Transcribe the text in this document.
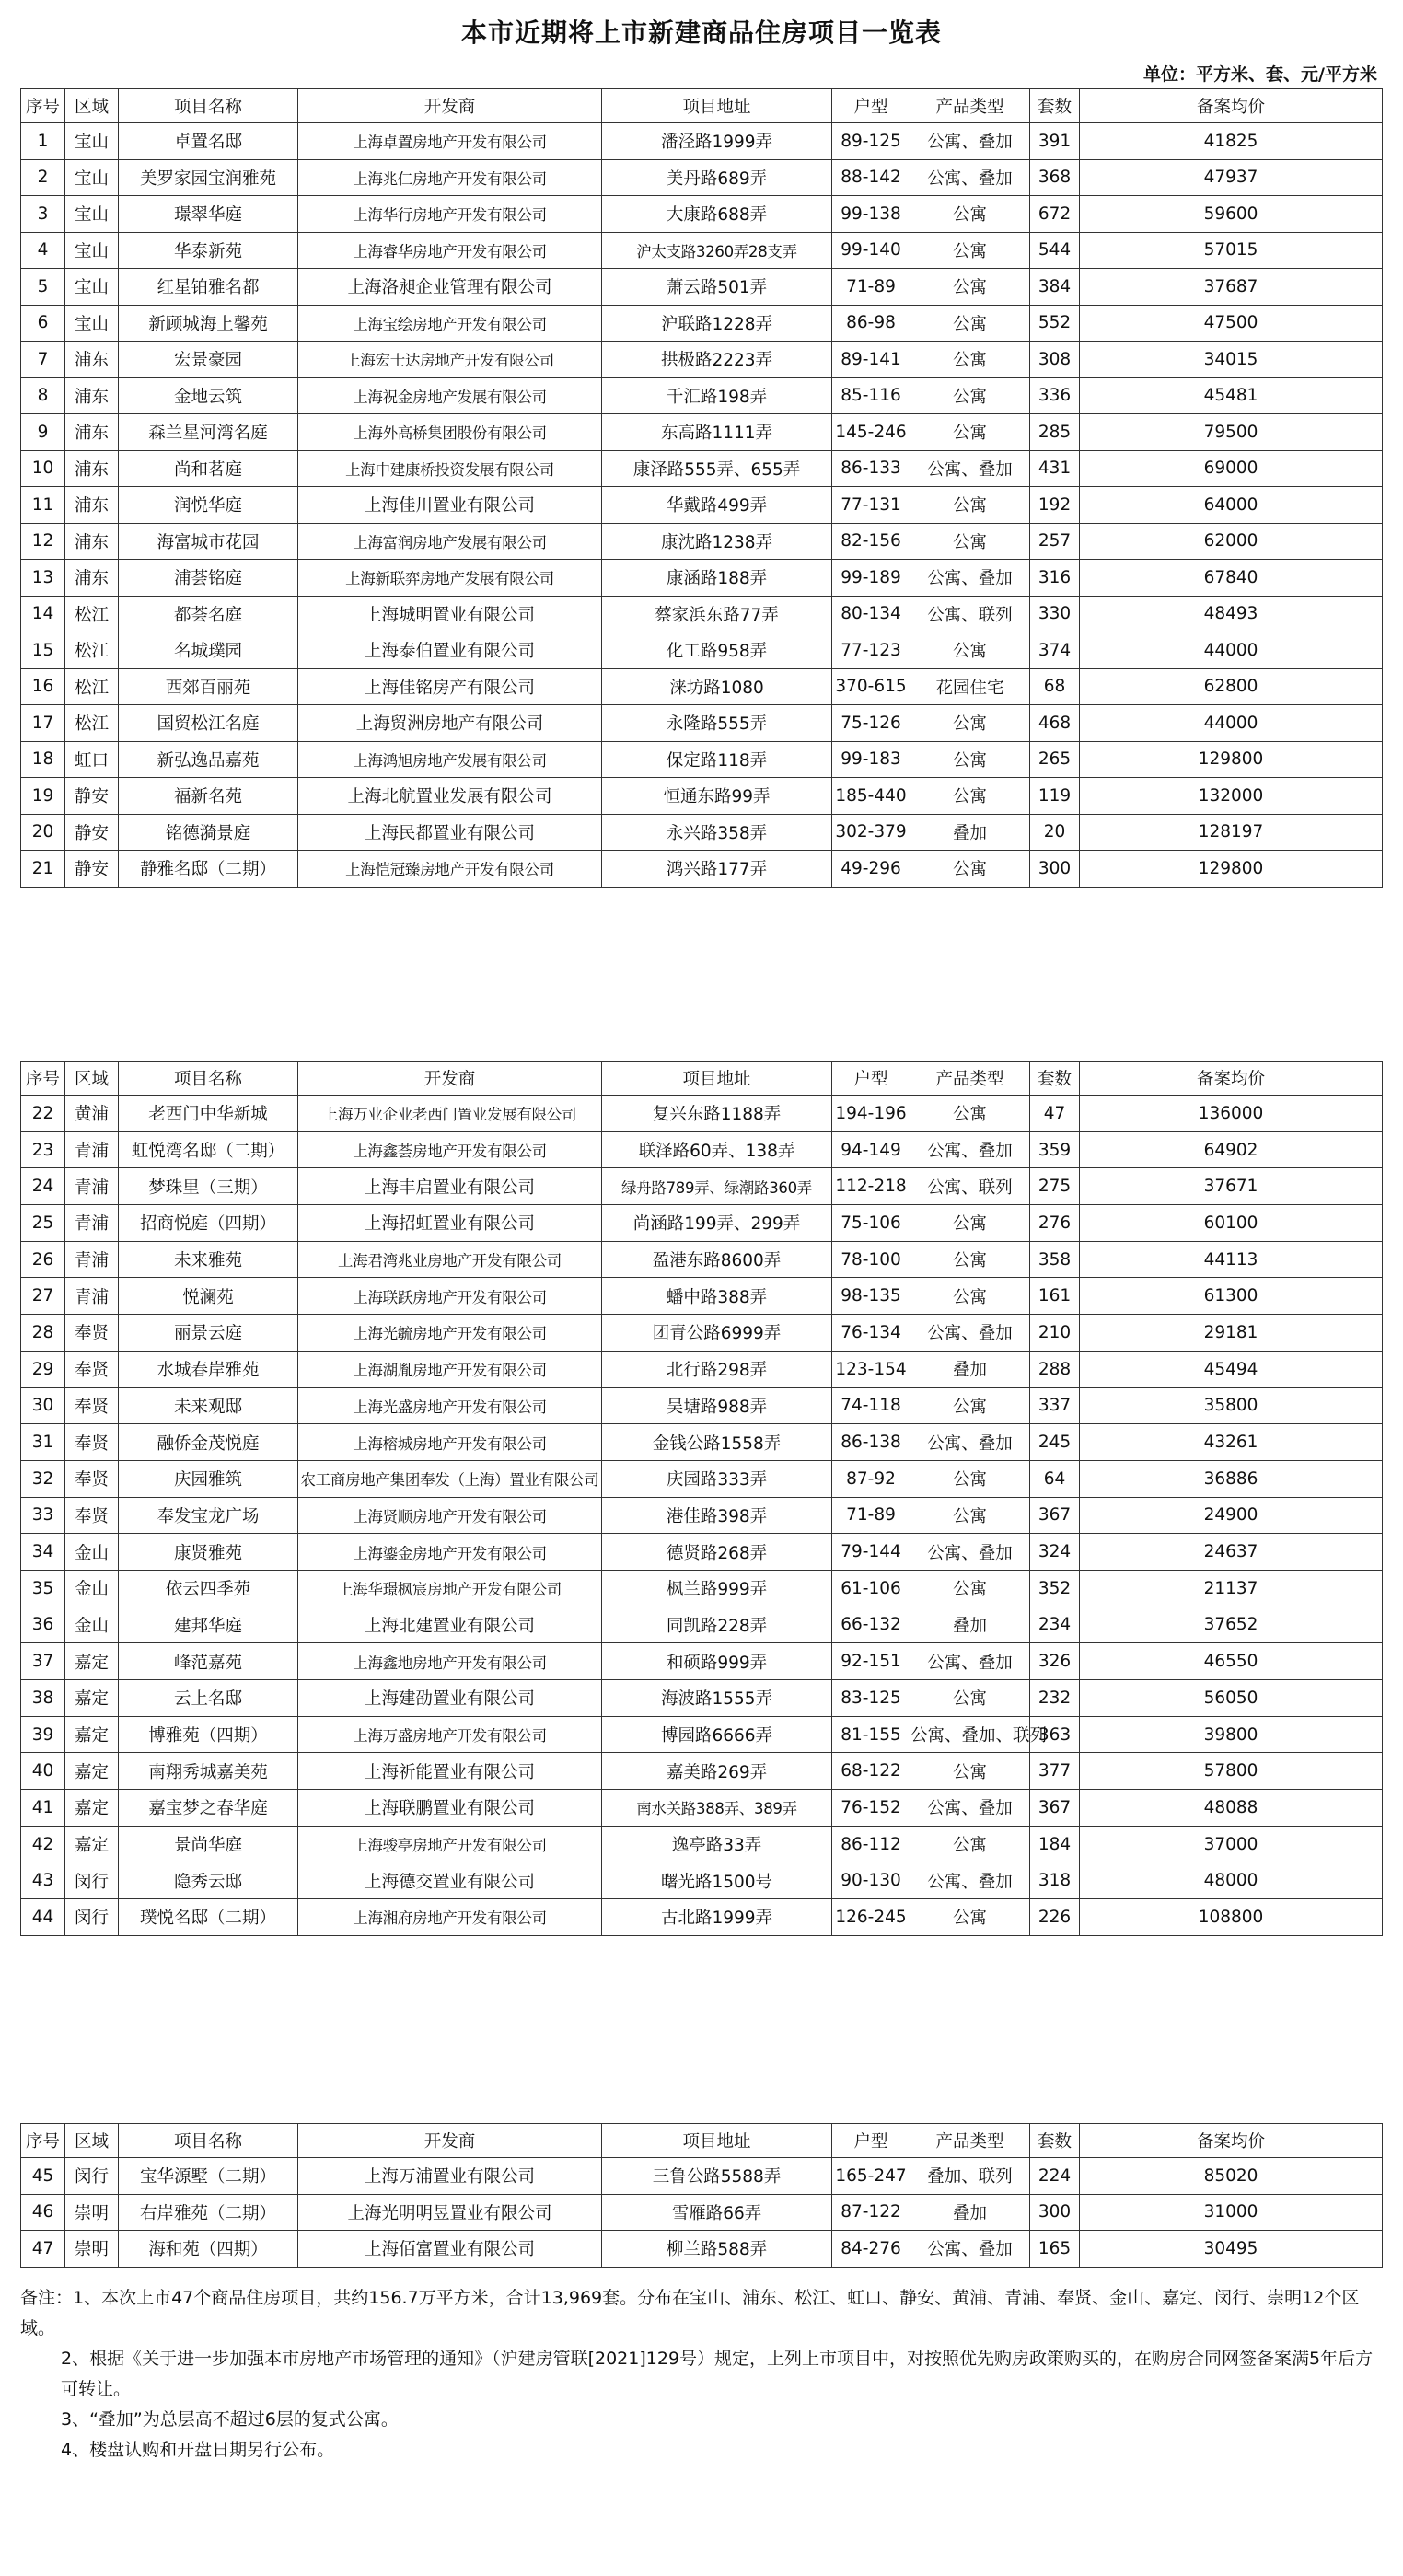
本市近期将上市新建商品住房项目一览表
单位：平方米、套、元/平方米
序号	区域	项目名称	开发商	项目地址	户型	产品类型	套数	备案均价
1	宝山	卓置名邸	上海卓置房地产开发有限公司	潘泾路1999弄	89-125	公寓、叠加	391	41825
2	宝山	美罗家园宝润雅苑	上海兆仁房地产开发有限公司	美丹路689弄	88-142	公寓、叠加	368	47937
3	宝山	璟翠华庭	上海华行房地产开发有限公司	大康路688弄	99-138	公寓	672	59600
4	宝山	华泰新苑	上海睿华房地产开发有限公司	沪太支路3260弄28支弄	99-140	公寓	544	57015
5	宝山	红星铂雅名都	上海洛昶企业管理有限公司	萧云路501弄	71-89	公寓	384	37687
6	宝山	新顾城海上馨苑	上海宝绘房地产开发有限公司	沪联路1228弄	86-98	公寓	552	47500
7	浦东	宏景豪园	上海宏士达房地产开发有限公司	拱极路2223弄	89-141	公寓	308	34015
8	浦东	金地云筑	上海祝金房地产发展有限公司	千汇路198弄	85-116	公寓	336	45481
9	浦东	森兰星河湾名庭	上海外高桥集团股份有限公司	东高路1111弄	145-246	公寓	285	79500
10	浦东	尚和茗庭	上海中建康桥投资发展有限公司	康泽路555弄、655弄	86-133	公寓、叠加	431	69000
11	浦东	润悦华庭	上海佳川置业有限公司	华戴路499弄	77-131	公寓	192	64000
12	浦东	海富城市花园	上海富润房地产发展有限公司	康沈路1238弄	82-156	公寓	257	62000
13	浦东	浦荟铭庭	上海新联弈房地产发展有限公司	康涵路188弄	99-189	公寓、叠加	316	67840
14	松江	都荟名庭	上海城明置业有限公司	蔡家浜东路77弄	80-134	公寓、联列	330	48493
15	松江	名城璞园	上海泰伯置业有限公司	化工路958弄	77-123	公寓	374	44000
16	松江	西郊百丽苑	上海佳铭房产有限公司	涞坊路1080	370-615	花园住宅	68	62800
17	松江	国贸松江名庭	上海贸洲房地产有限公司	永隆路555弄	75-126	公寓	468	44000
18	虹口	新弘逸品嘉苑	上海鸿旭房地产发展有限公司	保定路118弄	99-183	公寓	265	129800
19	静安	福新名苑	上海北航置业发展有限公司	恒通东路99弄	185-440	公寓	119	132000
20	静安	铭德漪景庭	上海民都置业有限公司	永兴路358弄	302-379	叠加	20	128197
21	静安	静雅名邸（二期）	上海恺冠臻房地产开发有限公司	鸿兴路177弄	49-296	公寓	300	129800
序号	区域	项目名称	开发商	项目地址	户型	产品类型	套数	备案均价
22	黄浦	老西门中华新城	上海万业企业老西门置业发展有限公司	复兴东路1188弄	194-196	公寓	47	136000
23	青浦	虹悦湾名邸（二期）	上海鑫荟房地产开发有限公司	联泽路60弄、138弄	94-149	公寓、叠加	359	64902
24	青浦	梦珠里（三期）	上海丰启置业有限公司	绿舟路789弄、绿潮路360弄	112-218	公寓、联列	275	37671
25	青浦	招商悦庭（四期）	上海招虹置业有限公司	尚涵路199弄、299弄	75-106	公寓	276	60100
26	青浦	未来雅苑	上海君湾兆业房地产开发有限公司	盈港东路8600弄	78-100	公寓	358	44113
27	青浦	悦澜苑	上海联跃房地产开发有限公司	蟠中路388弄	98-135	公寓	161	61300
28	奉贤	丽景云庭	上海光毓房地产开发有限公司	团青公路6999弄	76-134	公寓、叠加	210	29181
29	奉贤	水城春岸雅苑	上海湖胤房地产开发有限公司	北行路298弄	123-154	叠加	288	45494
30	奉贤	未来观邸	上海光盛房地产开发有限公司	吴塘路988弄	74-118	公寓	337	35800
31	奉贤	融侨金茂悦庭	上海榕城房地产开发有限公司	金钱公路1558弄	86-138	公寓、叠加	245	43261
32	奉贤	庆园雅筑	农工商房地产集团奉发（上海）置业有限公司	庆园路333弄	87-92	公寓	64	36886
33	奉贤	奉发宝龙广场	上海贤顺房地产开发有限公司	港佳路398弄	71-89	公寓	367	24900
34	金山	康贤雅苑	上海鎏金房地产开发有限公司	德贤路268弄	79-144	公寓、叠加	324	24637
35	金山	依云四季苑	上海华璟枫宸房地产开发有限公司	枫兰路999弄	61-106	公寓	352	21137
36	金山	建邦华庭	上海北建置业有限公司	同凯路228弄	66-132	叠加	234	37652
37	嘉定	峰范嘉苑	上海鑫地房地产开发有限公司	和硕路999弄	92-151	公寓、叠加	326	46550
38	嘉定	云上名邸	上海建劭置业有限公司	海波路1555弄	83-125	公寓	232	56050
39	嘉定	博雅苑（四期）	上海万盛房地产开发有限公司	博园路6666弄	81-155	公寓、叠加、联列	363	39800
40	嘉定	南翔秀城嘉美苑	上海祈能置业有限公司	嘉美路269弄	68-122	公寓	377	57800
41	嘉定	嘉宝梦之春华庭	上海联鹏置业有限公司	南水关路388弄、389弄	76-152	公寓、叠加	367	48088
42	嘉定	景尚华庭	上海骏亭房地产开发有限公司	逸亭路33弄	86-112	公寓	184	37000
43	闵行	隐秀云邸	上海德交置业有限公司	曙光路1500号	90-130	公寓、叠加	318	48000
44	闵行	璞悦名邸（二期）	上海湘府房地产开发有限公司	古北路1999弄	126-245	公寓	226	108800
序号	区域	项目名称	开发商	项目地址	户型	产品类型	套数	备案均价
45	闵行	宝华源墅（二期）	上海万浦置业有限公司	三鲁公路5588弄	165-247	叠加、联列	224	85020
46	崇明	右岸雅苑（二期）	上海光明明昱置业有限公司	雪雁路66弄	87-122	叠加	300	31000
47	崇明	海和苑（四期）	上海佰富置业有限公司	柳兰路588弄	84-276	公寓、叠加	165	30495

备注：1、本次上市47个商品住房项目，共约156.7万平方米，合计13,969套。分布在宝山、浦东、松江、虹口、静安、黄浦、青浦、奉贤、金山、嘉定、闵行、崇明12个区域。

2、根据《关于进一步加强本市房地产市场管理的通知》（沪建房管联[2021]129号）规定，上列上市项目中，对按照优先购房政策购买的，在购房合同网签备案满5年后方可转让。

3、“叠加”为总层高不超过6层的复式公寓。

4、楼盘认购和开盘日期另行公布。
